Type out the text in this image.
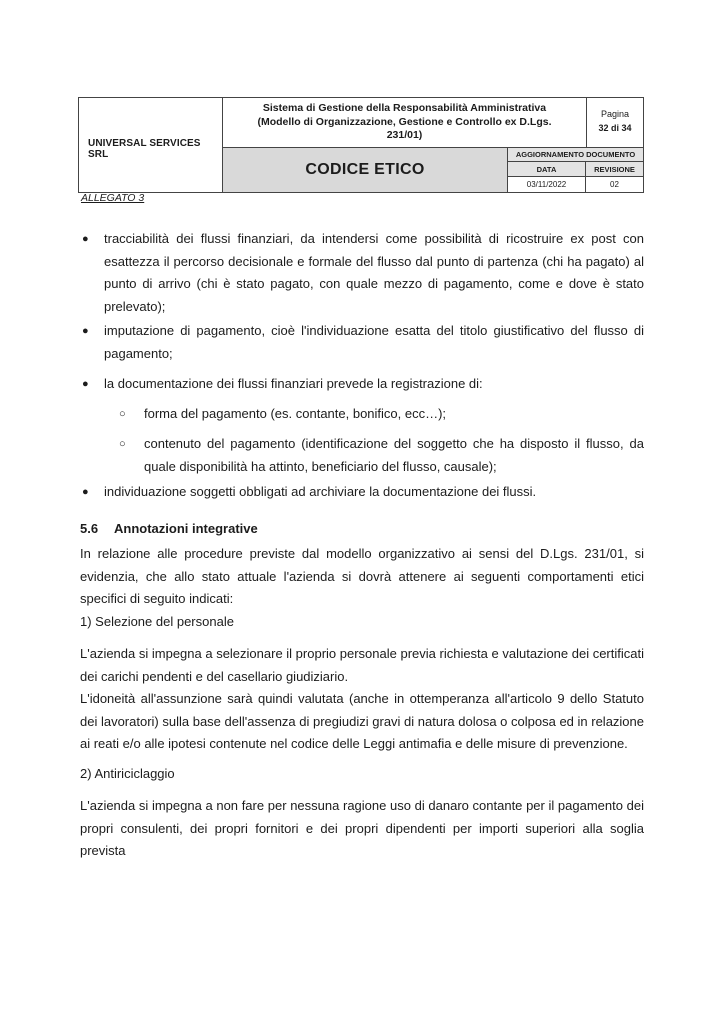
UNIVERSAL SERVICES SRL
Sistema di Gestione della Responsabilità Amministrativa
(Modello di Organizzazione, Gestione e Controllo ex D.Lgs.
231/01)
Pagina
32 di 34
CODICE ETICO
AGGIORNAMENTO DOCUMENTO
DATA	REVISIONE
03/11/2022	02
ALLEGATO 3
● tracciabilità dei flussi finanziari, da intendersi come possibilità di ricostruire ex post con esattezza il percorso decisionale e formale del flusso dal punto di partenza (chi ha pagato) al punto di arrivo (chi è stato pagato, con quale mezzo di pagamento, come e dove è stato prelevato);
● imputazione di pagamento, cioè l'individuazione esatta del titolo giustificativo del flusso di pagamento;
● la documentazione dei flussi finanziari prevede la registrazione di:
○ forma del pagamento (es. contante, bonifico, ecc…);
○ contenuto del pagamento (identificazione del soggetto che ha disposto il flusso, da quale disponibilità ha attinto, beneficiario del flusso, causale);
● individuazione soggetti obbligati ad archiviare la documentazione dei flussi.
5.6 Annotazioni integrative
In relazione alle procedure previste dal modello organizzativo ai sensi del D.Lgs. 231/01, si evidenzia, che allo stato attuale l'azienda si dovrà attenere ai seguenti comportamenti etici specifici di seguito indicati:
1) Selezione del personale
L'azienda si impegna a selezionare il proprio personale previa richiesta e valutazione dei certificati dei carichi pendenti e del casellario giudiziario.
L'idoneità all'assunzione sarà quindi valutata (anche in ottemperanza all'articolo 9 dello Statuto dei lavoratori) sulla base dell'assenza di pregiudizi gravi di natura dolosa o colposa ed in relazione ai reati e/o alle ipotesi contenute nel codice delle Leggi antimafia e delle misure di prevenzione.
2) Antiriciclaggio
L'azienda si impegna a non fare per nessuna ragione uso di danaro contante per il pagamento dei propri consulenti, dei propri fornitori e dei propri dipendenti per importi superiori alla soglia prevista
